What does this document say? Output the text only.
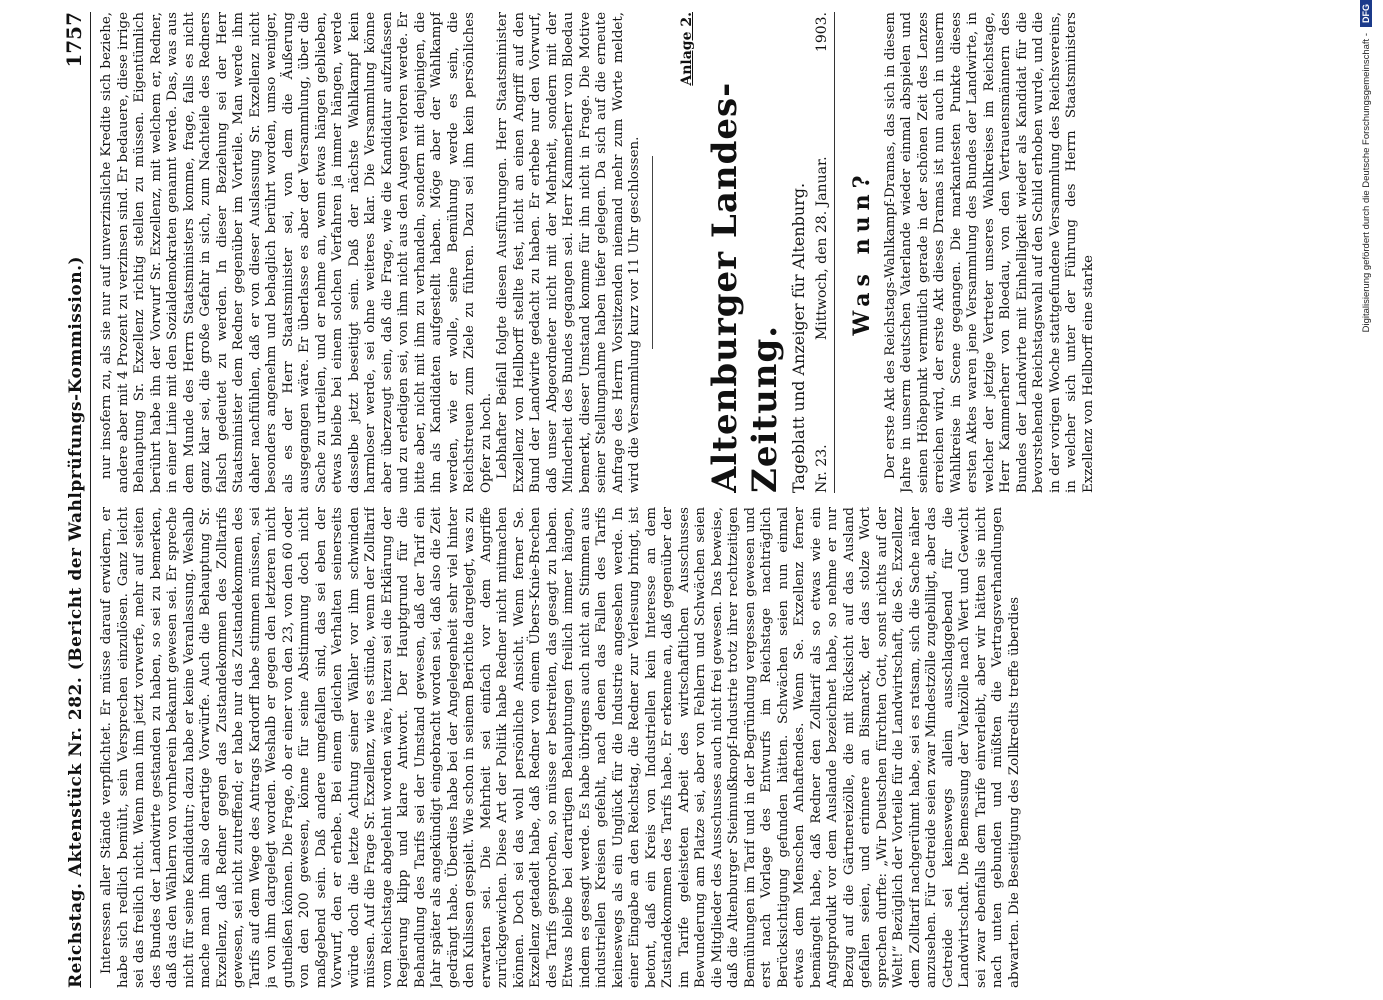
Reichstag. Aktenstück Nr. 282. (Bericht der Wahlprüfungs-Kommission.)
1757

Interessen aller Stände verpflichtet. Er müsse darauf erwidern, er habe sich redlich bemüht, sein Versprechen einzulösen. Ganz leicht sei das freilich nicht. Wenn man ihm jetzt vorwerfe, mehr auf seiten des Bundes der Landwirte gestanden zu haben, so sei zu bemerken, daß das den Wählern von vornherein bekannt gewesen sei. Er spreche nicht für seine Kandidatur; dazu habe er keine Veranlassung. Weshalb mache man ihm also derartige Vorwürfe. Auch die Behauptung Sr. Exzellenz, daß Redner gegen das Zustandekommen des Zolltarifs gewesen, sei nicht zutreffend; er habe nur das Zustandekommen des Tarifs auf dem Wege des Antrags Kardorff habe stimmen müssen, sei ja von ihm dargelegt worden. Weshalb er gegen den letzteren nicht gutheißen können. Die Frage, ob er einer von den 23, von den 60 oder von den 200 gewesen, könne für seine Abstimmung doch nicht maßgebend sein. Daß andere umgefallen sind, das sei eben der Vorwurf, den er erhebe. Bei einem gleichen Verhalten seinerseits würde doch die letzte Achtung seiner Wähler vor ihm schwinden müssen. Auf die Frage Sr. Exzellenz, wie es stünde, wenn der Zolltarif vom Reichstage abgelehnt worden wäre, hierzu sei die Erklärung der Regierung klipp und klare Antwort. Der Hauptgrund für die Behandlung des Tarifs sei der Umstand gewesen, daß der Tarif ein Jahr später als angekündigt eingebracht worden sei, daß also die Zeit gedrängt habe. Überdies habe bei der Angelegenheit sehr viel hinter den Kulissen gespielt. Wie schon in seinem Berichte dargelegt, was zu erwarten sei. Die Mehrheit sei einfach vor dem Angriffe zurückgewichen. Diese Art der Politik habe Redner nicht mitmachen können. Doch sei das wohl persönliche Ansicht. Wenn ferner Se. Exzellenz getadelt habe, daß Redner von einem Übers-Knie-Brechen des Tarifs gesprochen, so müsse er bestreiten, das gesagt zu haben. Etwas bleibe bei derartigen Behauptungen freilich immer hängen, indem es gesagt werde. Es habe übrigens auch nicht an Stimmen aus industriellen Kreisen gefehlt, nach denen das Fallen des Tarifs keineswegs als ein Unglück für die Industrie angesehen werde. In einer Eingabe an den Reichstag, die Redner zur Verlesung bringt, ist betont, daß ein Kreis von Industriellen kein Interesse an dem Zustandekommen des Tarifs habe. Er erkenne an, daß gegenüber der im Tarife geleisteten Arbeit des wirtschaftlichen Ausschusses Bewunderung am Platze sei, aber von Fehlern und Schwächen seien die Mitglieder des Ausschusses auch nicht frei gewesen. Das beweise, daß die Altenburger Steinnußknopf-Industrie trotz ihrer rechtzeitigen Bemühungen im Tarif und in der Begründung vergessen gewesen und erst nach Vorlage des Entwurfs im Reichstage nachträglich Berücksichtigung gefunden hätten. Schwächen seien nun einmal etwas dem Menschen Anhaftendes. Wenn Se. Exzellenz ferner bemängelt habe, daß Redner den Zolltarif als so etwas wie ein Angstprodukt vor dem Auslande bezeichnet habe, so nehme er nur Bezug auf die Gärtnereizölle, die mit Rücksicht auf das Ausland gefallen seien, und erinnere an Bismarck, der das stolze Wort sprechen durfte: „Wir Deutschen fürchten Gott, sonst nichts auf der Welt!“ Bezüglich der Vorteile für die Landwirtschaft, die Se. Exzellenz dem Zolltarif nachgerühmt habe, sei es ratsam, sich die Sache näher anzusehen. Für Getreide seien zwar Mindestzölle zugebilligt, aber das Getreide sei keineswegs allein ausschlaggebend für die Landwirtschaft. Die Bemessung der Viehzölle nach Wert und Gewicht sei zwar ebenfalls dem Tarife einverleibt, aber wir hätten sie nicht nach unten gebunden und müßten die Vertragsverhandlungen abwarten. Die Beseitigung des Zollkredits treffe überdies

nur insofern zu, als sie nur auf unverzinsliche Kredite sich beziehe, andere aber mit 4 Prozent zu verzinsen sind. Er bedauere, diese irrige Behauptung Sr. Exzellenz richtig stellen zu müssen. Eigentümlich berührt habe ihn der Vorwurf Sr. Exzellenz, mit welchem er, Redner, in einer Linie mit den Sozialdemokraten genannt werde. Das, was aus dem Munde des Herrn Staatsministers komme, frage, falls es nicht ganz klar sei, die große Gefahr in sich, zum Nachteile des Redners falsch gedeutet zu werden. In dieser Beziehung sei der Herr Staatsminister dem Redner gegenüber im Vorteile. Man werde ihm daher nachfühlen, daß er von dieser Auslassung Sr. Exzellenz nicht besonders angenehm und behaglich berührt worden, umso weniger, als es der Herr Staatsminister sei, von dem die Äußerung ausgegangen wäre. Er überlasse es aber der Versammlung, über die Sache zu urteilen, und er nehme an, wenn etwas hängen geblieben, etwas bleibe bei einem solchen Verfahren ja immer hängen, werde dasselbe jetzt beseitigt sein. Daß der nächste Wahlkampf kein harmloser werde, sei ohne weiteres klar. Die Versammlung könne aber überzeugt sein, daß die Frage, wie die Kandidatur aufzufassen und zu erledigen sei, von ihm nicht aus den Augen verloren werde. Er bitte aber, nicht mit ihm zu verhandeln, sondern mit denjenigen, die ihn als Kandidaten aufgestellt haben. Möge aber der Wahlkampf werden, wie er wolle, seine Bemühung werde es sein, die Reichstreuen zum Ziele zu führen. Dazu sei ihm kein persönliches Opfer zu hoch. Lebhafter Beifall folgte diesen Ausführungen. Herr Staatsminister Exzellenz von Hellborff stellte fest, nicht an einen Angriff auf den Bund der Landwirte gedacht zu haben. Er erhebe nur den Vorwurf, daß unser Abgeordneter nicht mit der Mehrheit, sondern mit der Minderheit des Bundes gegangen sei. Herr Kammerherr von Bloedau bemerkt, dieser Umstand komme für ihn nicht in Frage. Die Motive seiner Stellungnahme haben tiefer gelegen. Da sich auf die erneute Anfrage des Herrn Vorsitzenden niemand mehr zum Worte meldet, wird die Versammlung kurz vor 11 Uhr geschlossen.

Anlage 2.
Altenburger Landes-Zeitung. Tageblatt und Anzeiger für Altenburg. Nr. 23.
Mittwoch, den 28. Januar.
1903.
Was nun? Der erste Akt des Reichstags-Wahlkampf-Dramas, das sich in diesem Jahre in unserm deutschen Vaterlande wieder einmal abspielen und seinen Höhepunkt vermutlich gerade in der schönen Zeit des Lenzes erreichen wird, der erste Akt dieses Dramas ist nun auch in unserm Wahlkreise in Scene gegangen. Die markantesten Punkte dieses ersten Aktes waren jene Versammlung des Bundes der Landwirte, in welcher der jetzige Vertreter unseres Wahlkreises im Reichstage, Herr Kammerherr von Bloedau, von den Vertrauensmännern des Bundes der Landwirte mit Einhelligkeit wieder als Kandidat für die bevorstehende Reichstagswahl auf den Schild erhoben wurde, und die in der vorigen Woche stattgefundene Versammlung des Reichsvereins, in welcher sich unter der Führung des Herrn Staatsministers Exzellenz von Hellborff eine starke

Digitalisierung gefördert durch die Deutsche Forschungsgemeinschaft -
DFG
